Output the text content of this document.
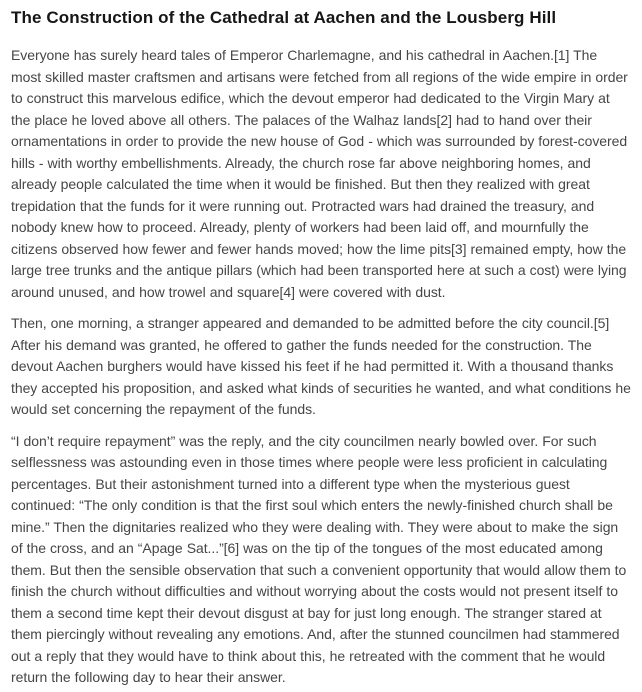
The Construction of the Cathedral at Aachen and the Lousberg Hill

Everyone has surely heard tales of Emperor Charlemagne, and his cathedral in Aachen.[1] The most skilled master craftsmen and artisans were fetched from all regions of the wide empire in order to construct this marvelous edifice, which the devout emperor had dedicated to the Virgin Mary at the place he loved above all others. The palaces of the Walhaz lands[2] had to hand over their ornamentations in order to provide the new house of God - which was surrounded by forest-covered hills - with worthy embellishments. Already, the church rose far above neighboring homes, and already people calculated the time when it would be finished. But then they realized with great trepidation that the funds for it were running out. Protracted wars had drained the treasury, and nobody knew how to proceed. Already, plenty of workers had been laid off, and mournfully the citizens observed how fewer and fewer hands moved; how the lime pits[3] remained empty, how the large tree trunks and the antique pillars (which had been transported here at such a cost) were lying around unused, and how trowel and square[4] were covered with dust.

Then, one morning, a stranger appeared and demanded to be admitted before the city council.[5] After his demand was granted, he offered to gather the funds needed for the construction. The devout Aachen burghers would have kissed his feet if he had permitted it. With a thousand thanks they accepted his proposition, and asked what kinds of securities he wanted, and what conditions he would set concerning the repayment of the funds.

“I don’t require repayment” was the reply, and the city councilmen nearly bowled over. For such selflessness was astounding even in those times where people were less proficient in calculating percentages. But their astonishment turned into a different type when the mysterious guest continued: “The only condition is that the first soul which enters the newly-finished church shall be mine.” Then the dignitaries realized who they were dealing with. They were about to make the sign of the cross, and an “Apage Sat...”[6] was on the tip of the tongues of the most educated among them. But then the sensible observation that such a convenient opportunity that would allow them to finish the church without difficulties and without worrying about the costs would not present itself to them a second time kept their devout disgust at bay for just long enough. The stranger stared at them piercingly without revealing any emotions. And, after the stunned councilmen had stammered out a reply that they would have to think about this, he retreated with the comment that he would return the following day to hear their answer.
